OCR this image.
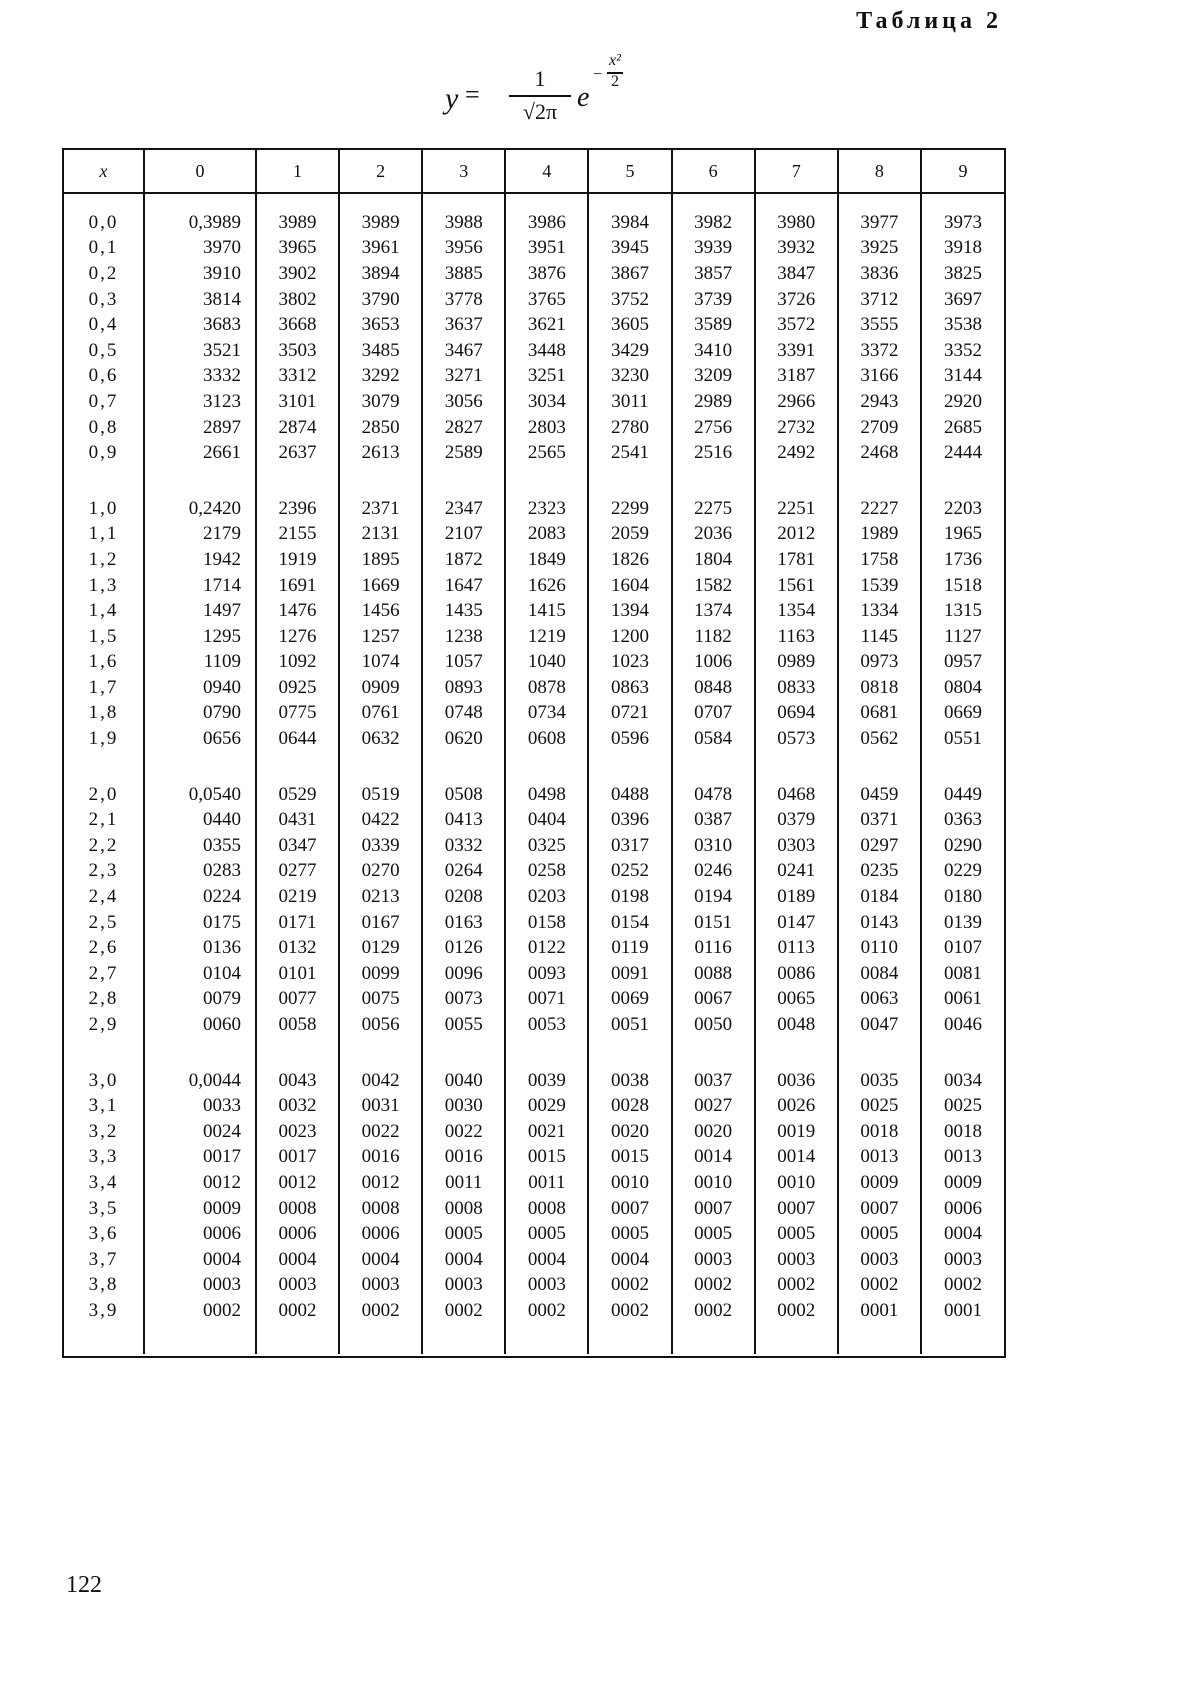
Таблица 2
y =
1
√2π e
−
x²
2
x	0	1	2	3	4	5	6	7	8	9

0,0	0,3989	3989	3989	3988	3986	3984	3982	3980	3977	3973
0,1	3970	3965	3961	3956	3951	3945	3939	3932	3925	3918
0,2	3910	3902	3894	3885	3876	3867	3857	3847	3836	3825
0,3	3814	3802	3790	3778	3765	3752	3739	3726	3712	3697
0,4	3683	3668	3653	3637	3621	3605	3589	3572	3555	3538
0,5	3521	3503	3485	3467	3448	3429	3410	3391	3372	3352
0,6	3332	3312	3292	3271	3251	3230	3209	3187	3166	3144
0,7	3123	3101	3079	3056	3034	3011	2989	2966	2943	2920
0,8	2897	2874	2850	2827	2803	2780	2756	2732	2709	2685
0,9	2661	2637	2613	2589	2565	2541	2516	2492	2468	2444

1,0	0,2420	2396	2371	2347	2323	2299	2275	2251	2227	2203
1,1	2179	2155	2131	2107	2083	2059	2036	2012	1989	1965
1,2	1942	1919	1895	1872	1849	1826	1804	1781	1758	1736
1,3	1714	1691	1669	1647	1626	1604	1582	1561	1539	1518
1,4	1497	1476	1456	1435	1415	1394	1374	1354	1334	1315
1,5	1295	1276	1257	1238	1219	1200	1182	1163	1145	1127
1,6	1109	1092	1074	1057	1040	1023	1006	0989	0973	0957
1,7	0940	0925	0909	0893	0878	0863	0848	0833	0818	0804
1,8	0790	0775	0761	0748	0734	0721	0707	0694	0681	0669
1,9	0656	0644	0632	0620	0608	0596	0584	0573	0562	0551

2,0	0,0540	0529	0519	0508	0498	0488	0478	0468	0459	0449
2,1	0440	0431	0422	0413	0404	0396	0387	0379	0371	0363
2,2	0355	0347	0339	0332	0325	0317	0310	0303	0297	0290
2,3	0283	0277	0270	0264	0258	0252	0246	0241	0235	0229
2,4	0224	0219	0213	0208	0203	0198	0194	0189	0184	0180
2,5	0175	0171	0167	0163	0158	0154	0151	0147	0143	0139
2,6	0136	0132	0129	0126	0122	0119	0116	0113	0110	0107
2,7	0104	0101	0099	0096	0093	0091	0088	0086	0084	0081
2,8	0079	0077	0075	0073	0071	0069	0067	0065	0063	0061
2,9	0060	0058	0056	0055	0053	0051	0050	0048	0047	0046

3,0	0,0044	0043	0042	0040	0039	0038	0037	0036	0035	0034
3,1	0033	0032	0031	0030	0029	0028	0027	0026	0025	0025
3,2	0024	0023	0022	0022	0021	0020	0020	0019	0018	0018
3,3	0017	0017	0016	0016	0015	0015	0014	0014	0013	0013
3,4	0012	0012	0012	0011	0011	0010	0010	0010	0009	0009
3,5	0009	0008	0008	0008	0008	0007	0007	0007	0007	0006
3,6	0006	0006	0006	0005	0005	0005	0005	0005	0005	0004
3,7	0004	0004	0004	0004	0004	0004	0003	0003	0003	0003
3,8	0003	0003	0003	0003	0003	0002	0002	0002	0002	0002
3,9	0002	0002	0002	0002	0002	0002	0002	0002	0001	0001

122
